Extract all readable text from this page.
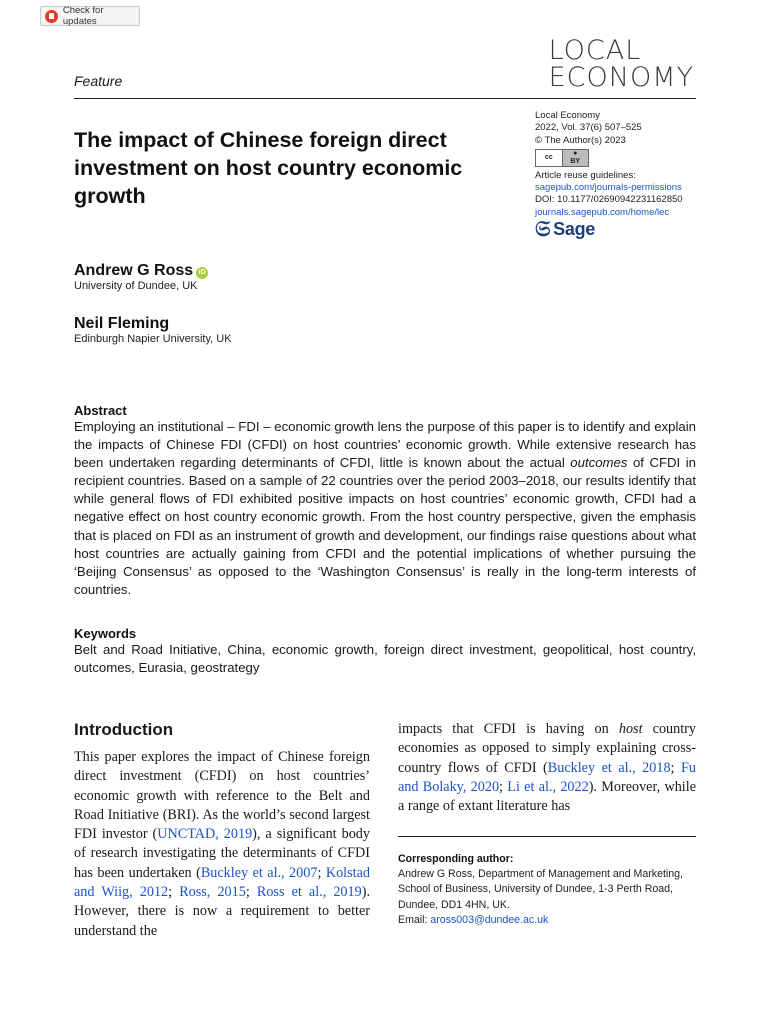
Check for updates
LOCAL
ECONOMY
Feature
The impact of Chinese foreign direct investment on host country economic growth
Local Economy
2022, Vol. 37(6) 507–525
© The Author(s) 2023
cc
●
BY
Article reuse guidelines:
sagepub.com/journals-permissions
DOI: 10.1177/02690942231162850
journals.sagepub.com/home/lec
𝔖 Sage
Andrew G Ross iD
University of Dundee, UK
Neil Fleming
Edinburgh Napier University, UK
Abstract
Employing an institutional – FDI – economic growth lens the purpose of this paper is to identify and explain the impacts of Chinese FDI (CFDI) on host countries’ economic growth. While extensive research has been undertaken regarding determinants of CFDI, little is known about the actual outcomes of CFDI in recipient countries. Based on a sample of 22 countries over the period 2003–2018, our results identify that while general flows of FDI exhibited positive impacts on host countries’ economic growth, CFDI had a negative effect on host country economic growth. From the host country perspective, given the emphasis that is placed on FDI as an instrument of growth and development, our findings raise questions about what host countries are actually gaining from CFDI and the potential implications of whether pursuing the ‘Beijing Consensus’ as opposed to the ‘Washington Consensus’ is really in the long-term interests of countries.
Keywords
Belt and Road Initiative, China, economic growth, foreign direct investment, geopolitical, host country, outcomes, Eurasia, geostrategy
Introduction
This paper explores the impact of Chinese foreign direct investment (CFDI) on host countries’ economic growth with reference to the Belt and Road Initiative (BRI). As the world’s second largest FDI investor (UNCTAD, 2019), a significant body of research investigating the determinants of CFDI has been undertaken (Buckley et al., 2007; Kolstad and Wiig, 2012; Ross, 2015; Ross et al., 2019). However, there is now a requirement to better understand the
impacts that CFDI is having on host country economies as opposed to simply explaining cross-country flows of CFDI (Buckley et al., 2018; Fu and Bolaky, 2020; Li et al., 2022). Moreover, while a range of extant literature has
Corresponding author:
Andrew G Ross, Department of Management and Marketing, School of Business, University of Dundee, 1-3 Perth Road, Dundee, DD1 4HN, UK.
Email: aross003@dundee.ac.uk
